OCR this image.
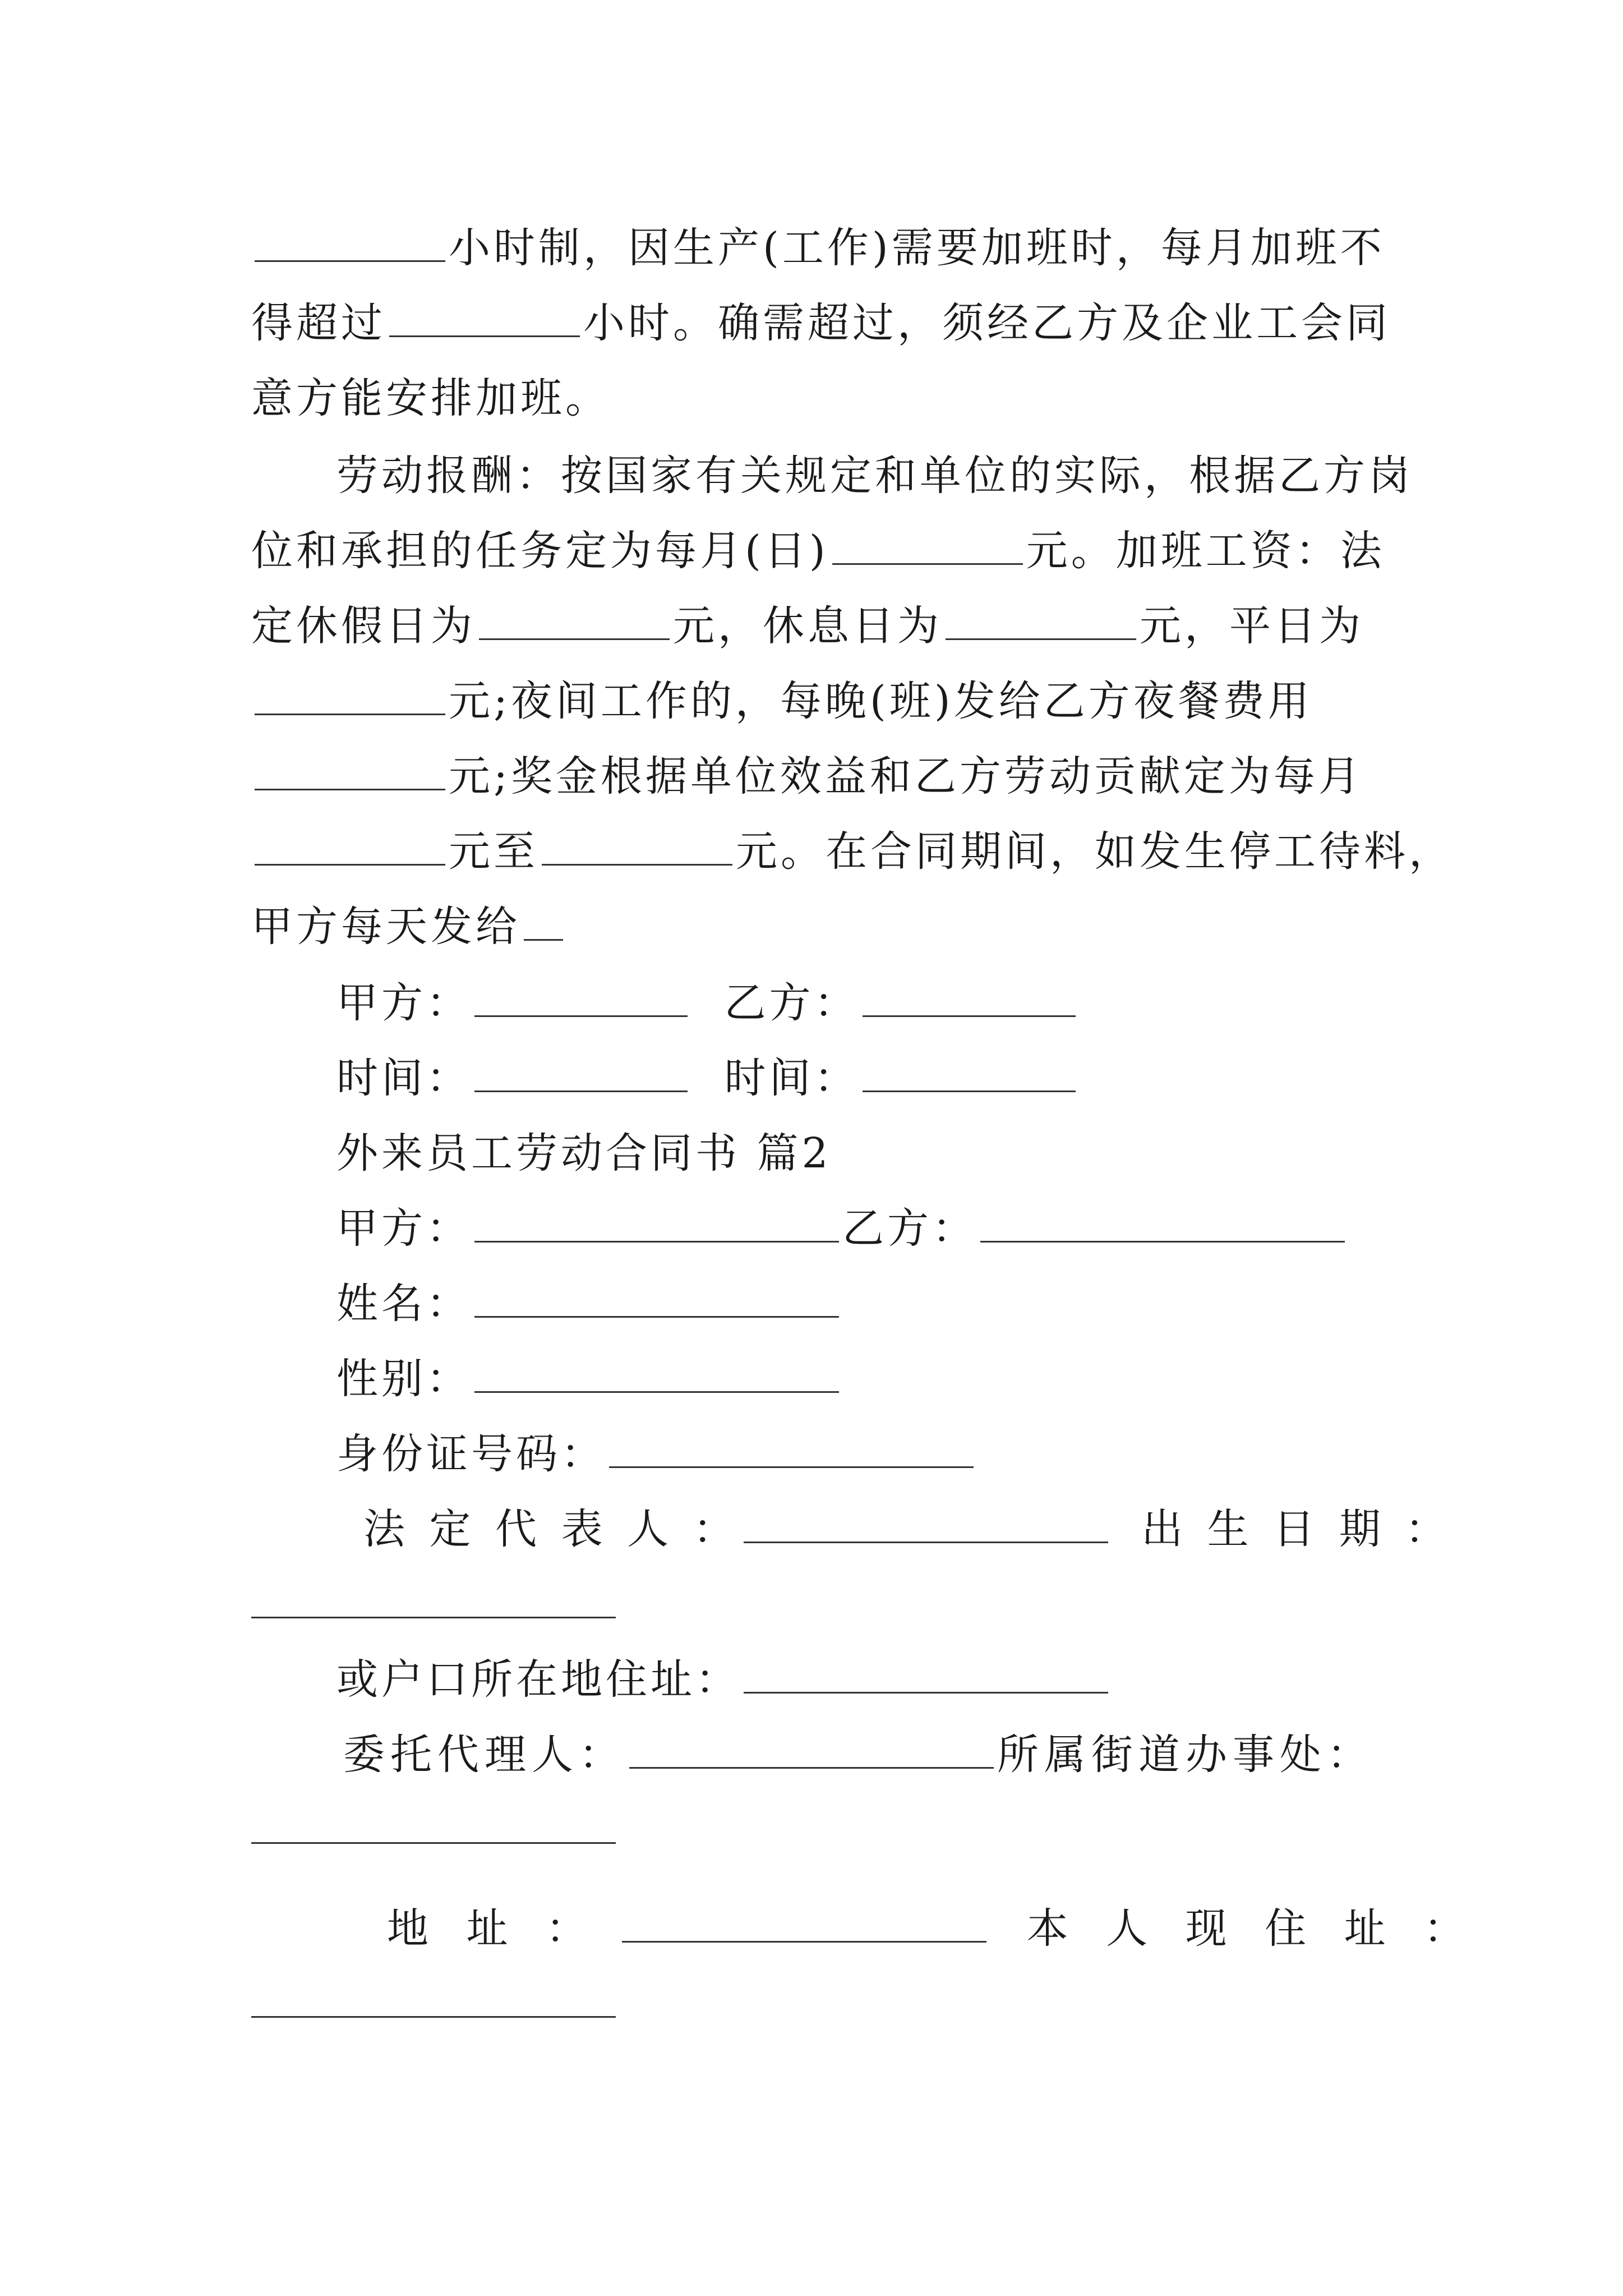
小时制，因生产(工作)需要加班时，每月加班不
得超过	小时。确需超过，须经乙方及企业工会同
意方能安排加班。
劳动报酬：按国家有关规定和单位的实际，根据乙方岗
位和承担的任务定为每月(日)	元。加班工资：法
定休假日为	元，休息日为	元，平日为
元;夜间工作的，每晚(班)发给乙方夜餐费用
元;奖金根据单位效益和乙方劳动贡献定为每月
元至	元。在合同期间，如发生停工待料，
甲方每天发给
甲方：	乙方：
时间：	时间：
外来员工劳动合同书 篇2
甲方：	乙方：
姓名：
性别：
身份证号码：
法 定 代 表 人 ：	出 生 日 期 ：
或户口所在地住址：
委托代理人：	所属街道办事处：
地 址 ：	本 人 现 住 址 ：
